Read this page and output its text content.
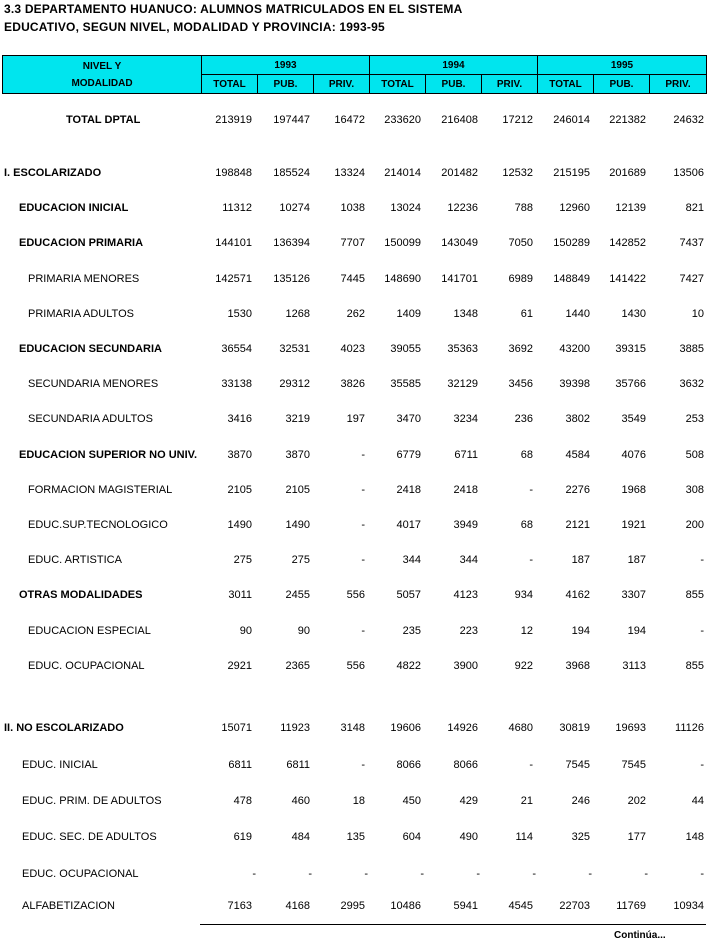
3.3 DEPARTAMENTO HUANUCO: ALUMNOS MATRICULADOS EN EL SISTEMA
EDUCATIVO, SEGUN NIVEL, MODALIDAD Y PROVINCIA: 1993-95
NIVEL Y
MODALIDAD
1993	1994	1995
TOTAL	PUB.	PRIV.	TOTAL	PUB.	PRIV.	TOTAL	PUB.	PRIV.
TOTAL DPTAL	213919 197447 16472 233620 216408 17212 246014 221382 24632
I. ESCOLARIZADO	198848 185524 13324 214014 201482 12532 215195 201689 13506
EDUCACION INICIAL	11312 10274	1038 13024 12236	788 12960 12139	821
EDUCACION PRIMARIA	144101 136394	7707 150099 143049	7050 150289 142852	7437
PRIMARIA MENORES	142571 135126	7445 148690 141701	6989 148849 141422	7427
PRIMARIA ADULTOS	1530	1268	262	1409	1348	61	1440	1430	10
EDUCACION SECUNDARIA	36554 32531	4023 39055 35363	3692 43200 39315	3885
SECUNDARIA MENORES	33138 29312	3826 35585 32129	3456 39398 35766	3632
SECUNDARIA ADULTOS	3416	3219	197	3470	3234	236	3802	3549	253
EDUCACION SUPERIOR NO UNIV.	3870	3870	-	6779	6711	68	4584	4076	508
FORMACION MAGISTERIAL	2105	2105	-	2418	2418	-	2276	1968	308
EDUC.SUP.TECNOLOGICO	1490	1490	-	4017	3949	68	2121	1921	200
EDUC. ARTISTICA	275	275	-	344	344	-	187	187	-
OTRAS MODALIDADES	3011	2455	556	5057	4123	934	4162	3307	855
EDUCACION ESPECIAL	90	90	-	235	223	12	194	194	-
EDUC. OCUPACIONAL	2921	2365	556	4822	3900	922	3968	3113	855
II. NO ESCOLARIZADO	15071	11923	3148 19606 14926	4680 30819 19693	11126
EDUC. INICIAL	6811	6811	-	8066	8066	-	7545	7545	-
EDUC. PRIM. DE ADULTOS	478	460	18	450	429	21	246	202	44
EDUC. SEC. DE ADULTOS	619	484	135	604	490	114	325	177	148
EDUC. OCUPACIONAL	-	-	-	-	-	-	-	-	-
ALFABETIZACION	7163	4168	2995 10486	5941	4545 22703 11769 10934
Continúa...
